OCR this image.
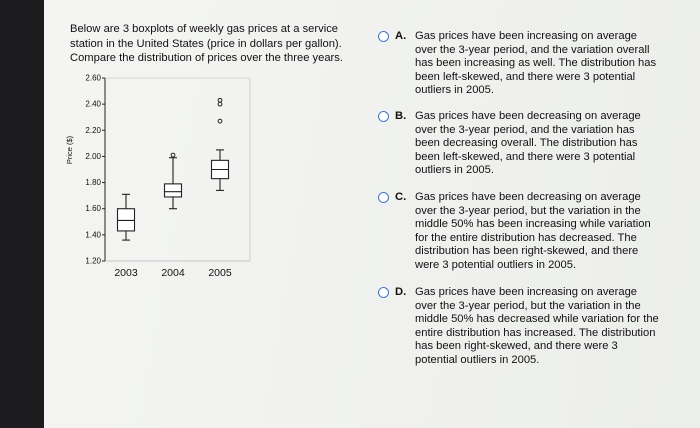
Below are 3 boxplots of weekly gas prices at a service
station in the United States (price in dollars per gallon).
Compare the distribution of prices over the three years.
1.20
1.40
1.60
1.80
2.00
2.20
2.40
2.60
Price ($)
2003 2004 2005
A. Gas prices have been increasing on average
over the 3-year period, and the variation overall
has been increasing as well. The distribution has
been left-skewed, and there were 3 potential
outliers in 2005.
B. Gas prices have been decreasing on average
over the 3-year period, and the variation has
been decreasing overall. The distribution has
been left-skewed, and there were 3 potential
outliers in 2005.
C. Gas prices have been decreasing on average
over the 3-year period, but the variation in the
middle 50% has been increasing while variation
for the entire distribution has decreased. The
distribution has been right-skewed, and there
were 3 potential outliers in 2005.
D. Gas prices have been increasing on average
over the 3-year period, but the variation in the
middle 50% has decreased while variation for the
entire distribution has increased. The distribution
has been right-skewed, and there were 3
potential outliers in 2005.
